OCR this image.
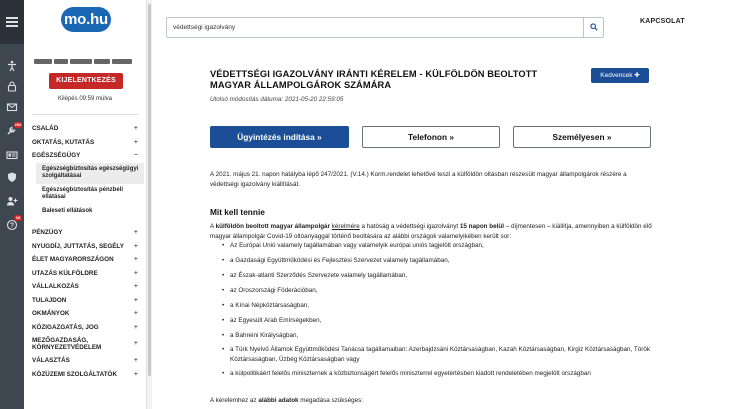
202
?
16
mo.hu
KIJELENTKEZÉS
Kilépés 09:59 múlva
CSALÁD	+
OKTATÁS, KUTATÁS	+
EGÉSZSÉGÜGY	−
Egészségbiztosítás egészségügyi szolgáltatásai
Egészségbiztosítás pénzbeli ellátásai
Baleseti ellátások
PÉNZÜGY	+
NYUGDÍJ, JUTTATÁS, SEGÉLY +
ÉLET MAGYARORSZÁGON	+
UTAZÁS KÜLFÖLDRE	+
VÁLLALKOZÁS	+
TULAJDON	+
OKMÁNYOK	+
KÖZIGAZGATÁS, JOG	+
MEZŐGAZDASÁG, KÖRNYEZETVÉDELEM
+
VÁLASZTÁS	+
KÖZÜZEMI SZOLGÁLTATÓK +
védettségi igazolvány
KAPCSOLAT
VÉDETTSÉGI IGAZOLVÁNY IRÁNTI KÉRELEM - KÜLFÖLDÖN BEOLTOTT MAGYAR ÁLLAMPOLGÁROK SZÁMÁRA
Kedvencek ✚
Utolsó módosítás dátuma: 2021-05-20 22:59:05
Ügyintézés indítása »	Telefonon »	Személyesen »
A 2021. május 21. napon hatályba lépő 247/2021. (V.14.) Korm.rendelet lehetővé teszi a külföldön oltásban részesült magyar állampolgárok részére a védettségi igazolvány kiállítását.
Mit kell tennie
A külföldön beoltott magyar állampolgár kérelmére a hatóság a védettségi igazolványt 15 napon belül – díjmentesen – kiállítja, amennyiben a külföldön élő magyar állampolgár Covid-19 oltóanyaggal történő beoltására az alábbi országok valamelyikében került sor:
• Az Európai Unió valamely tagállamában vagy valamelyik európai uniós tagjelölt országban,
• a Gazdasági Együttműködési és Fejlesztési Szervezet valamely tagállamában,
• az Észak-atlanti Szerződés Szervezete valamely tagállamában,
• az Oroszországi Föderációban,
• a Kínai Népköztársaságban,
• az Egyesült Arab Emírségekben,
• a Bahreini Királyságban,
• a Türk Nyelvű Államok Együttműködési Tanácsa tagállamaiban: Azerbajdzsáni Köztársaságban, Kazah Köztársaságban, Kirgiz Köztársaságban, Török Köztársaságban, Üzbég Köztársaságban vagy
• a külpolitikáért felelős miniszternek a közbiztonságért felelős miniszterrel egyetértésben kiadott rendeletében megjelölt országban
A kérelemhez az alábbi adatok megadása szükséges:
